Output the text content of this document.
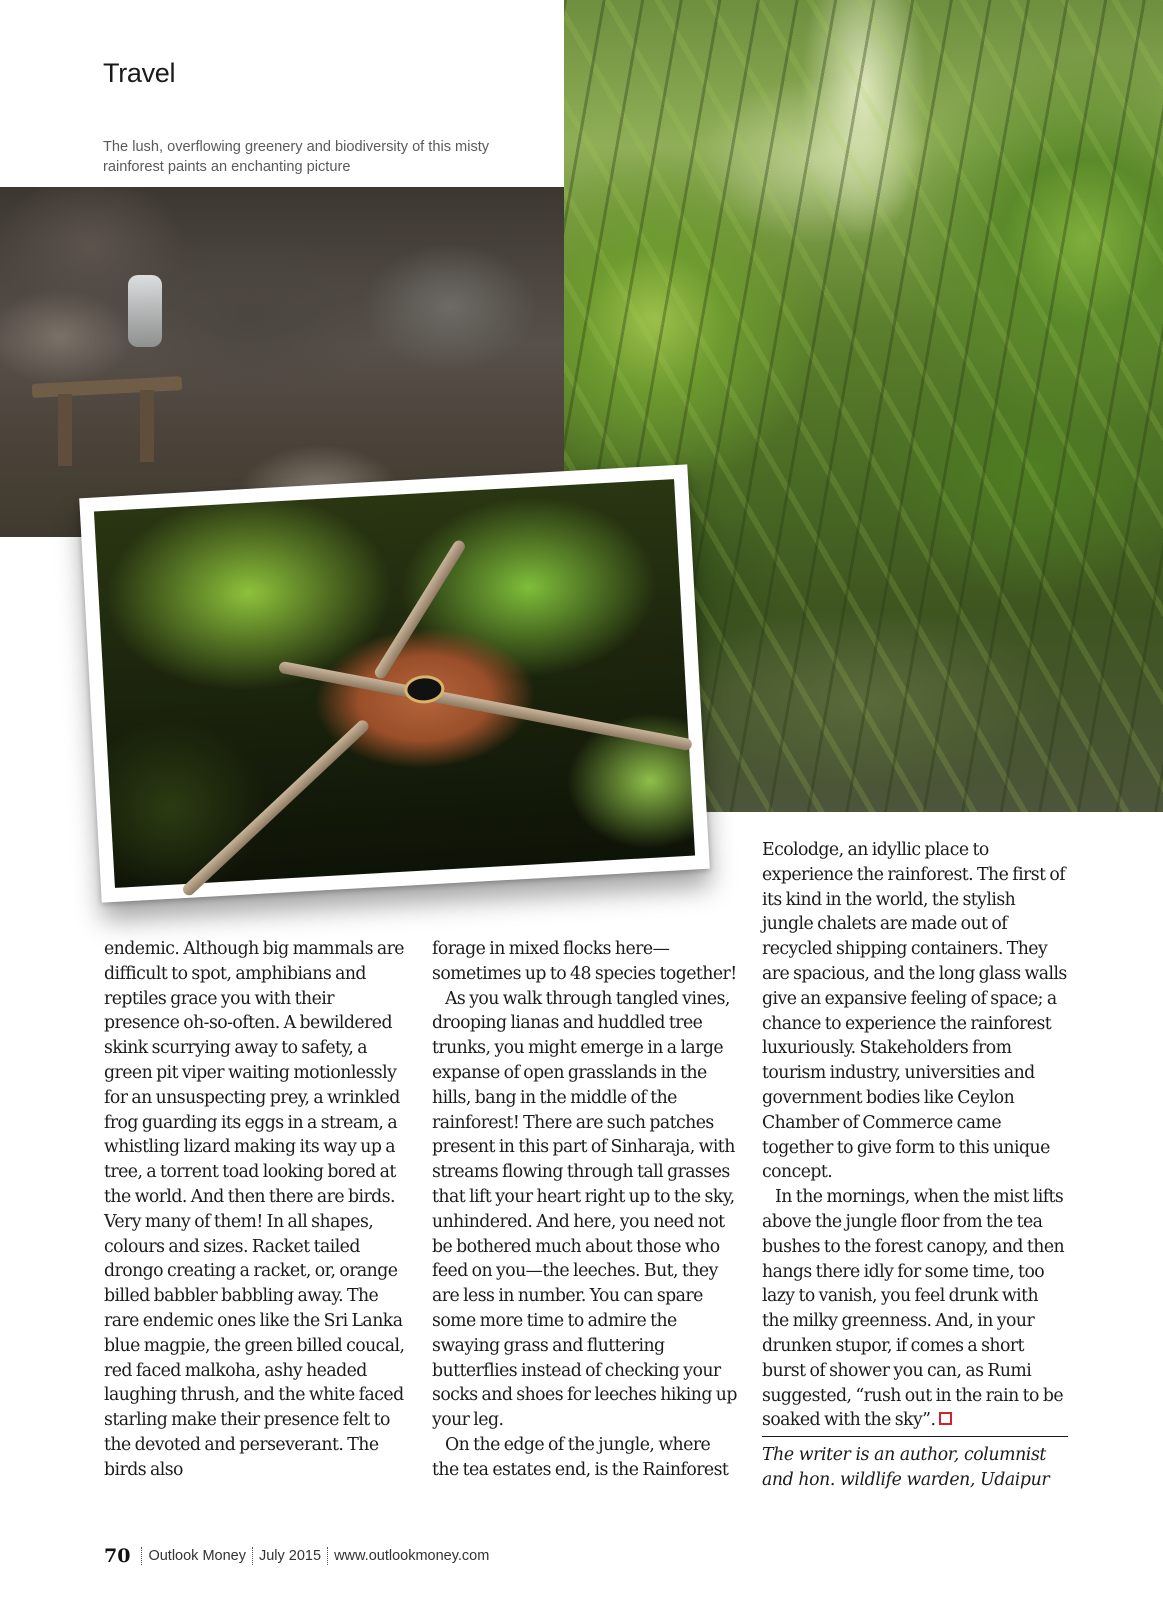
Travel

The lush, overflowing greenery and biodiversity of this misty rainforest paints an enchanting picture

endemic. Although big mammals are difficult to spot, amphibians and reptiles grace you with their presence oh-so-often. A bewildered skink scurrying away to safety, a green pit viper waiting motionlessly for an unsuspecting prey, a wrinkled frog guarding its eggs in a stream, a whistling lizard making its way up a tree, a torrent toad looking bored at the world. And then there are birds. Very many of them! In all shapes, colours and sizes. Racket tailed drongo creating a racket, or, orange billed babbler babbling away. The rare endemic ones like the Sri Lanka blue magpie, the green billed coucal, red faced malkoha, ashy headed laughing thrush, and the white faced starling make their presence felt to the devoted and perseverant. The birds also

forage in mixed flocks here—sometimes up to 48 species together!

As you walk through tangled vines, drooping lianas and huddled tree trunks, you might emerge in a large expanse of open grasslands in the hills, bang in the middle of the rainforest! There are such patches present in this part of Sinharaja, with streams flowing through tall grasses that lift your heart right up to the sky, unhindered. And here, you need not be bothered much about those who feed on you—the leeches. But, they are less in number. You can spare some more time to admire the swaying grass and fluttering butterflies instead of checking your socks and shoes for leeches hiking up your leg.

On the edge of the jungle, where the tea estates end, is the Rainforest

Ecolodge, an idyllic place to experience the rainforest. The first of its kind in the world, the stylish jungle chalets are made out of recycled shipping containers. They are spacious, and the long glass walls give an expansive feeling of space; a chance to experience the rainforest luxuriously. Stakeholders from tourism industry, universities and government bodies like Ceylon Chamber of Commerce came together to give form to this unique concept.

In the mornings, when the mist lifts above the jungle floor from the tea bushes to the forest canopy, and then hangs there idly for some time, too lazy to vanish, you feel drunk with the milky greenness. And, in your drunken stupor, if comes a short burst of shower you can, as Rumi suggested, “rush out in the rain to be soaked with the sky”.

The writer is an author, columnist and hon. wildlife warden, Udaipur

70 Outlook Money July 2015 www.outlookmoney.com
